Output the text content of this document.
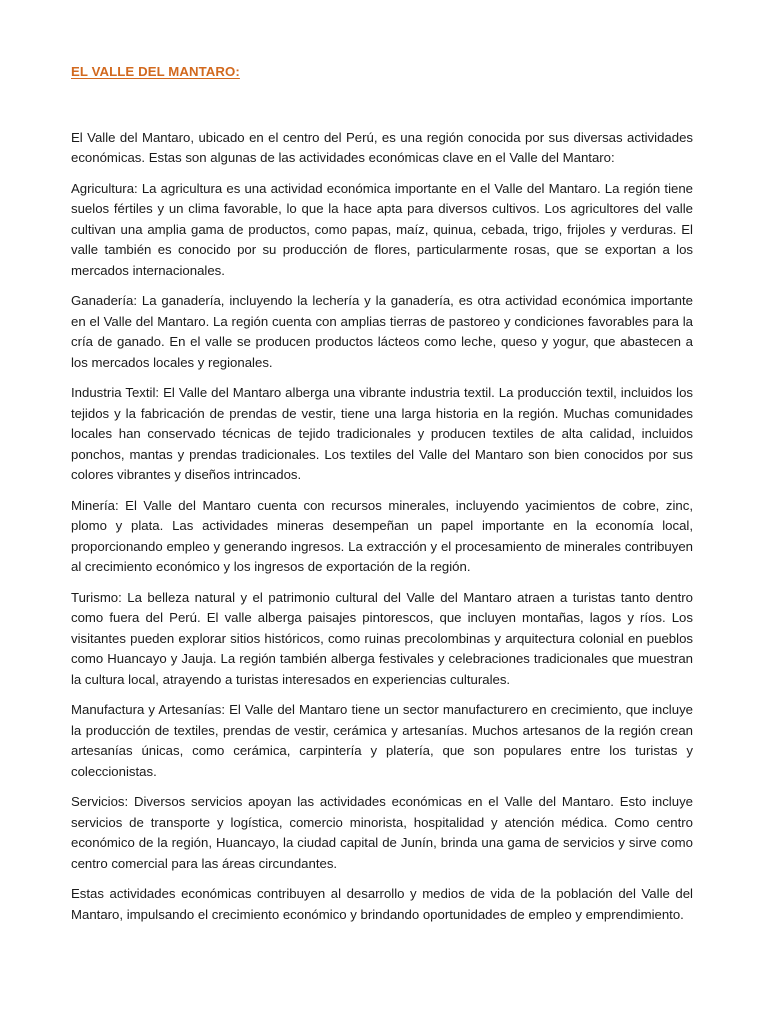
EL VALLE DEL MANTARO:

El Valle del Mantaro, ubicado en el centro del Perú, es una región conocida por sus diversas actividades económicas. Estas son algunas de las actividades económicas clave en el Valle del Mantaro:

Agricultura: La agricultura es una actividad económica importante en el Valle del Mantaro. La región tiene suelos fértiles y un clima favorable, lo que la hace apta para diversos cultivos. Los agricultores del valle cultivan una amplia gama de productos, como papas, maíz, quinua, cebada, trigo, frijoles y verduras. El valle también es conocido por su producción de flores, particularmente rosas, que se exportan a los mercados internacionales.

Ganadería: La ganadería, incluyendo la lechería y la ganadería, es otra actividad económica importante en el Valle del Mantaro. La región cuenta con amplias tierras de pastoreo y condiciones favorables para la cría de ganado. En el valle se producen productos lácteos como leche, queso y yogur, que abastecen a los mercados locales y regionales.

Industria Textil: El Valle del Mantaro alberga una vibrante industria textil. La producción textil, incluidos los tejidos y la fabricación de prendas de vestir, tiene una larga historia en la región. Muchas comunidades locales han conservado técnicas de tejido tradicionales y producen textiles de alta calidad, incluidos ponchos, mantas y prendas tradicionales. Los textiles del Valle del Mantaro son bien conocidos por sus colores vibrantes y diseños intrincados.

Minería: El Valle del Mantaro cuenta con recursos minerales, incluyendo yacimientos de cobre, zinc, plomo y plata. Las actividades mineras desempeñan un papel importante en la economía local, proporcionando empleo y generando ingresos. La extracción y el procesamiento de minerales contribuyen al crecimiento económico y los ingresos de exportación de la región.

Turismo: La belleza natural y el patrimonio cultural del Valle del Mantaro atraen a turistas tanto dentro como fuera del Perú. El valle alberga paisajes pintorescos, que incluyen montañas, lagos y ríos. Los visitantes pueden explorar sitios históricos, como ruinas precolombinas y arquitectura colonial en pueblos como Huancayo y Jauja. La región también alberga festivales y celebraciones tradicionales que muestran la cultura local, atrayendo a turistas interesados en experiencias culturales.

Manufactura y Artesanías: El Valle del Mantaro tiene un sector manufacturero en crecimiento, que incluye la producción de textiles, prendas de vestir, cerámica y artesanías. Muchos artesanos de la región crean artesanías únicas, como cerámica, carpintería y platería, que son populares entre los turistas y coleccionistas.

Servicios: Diversos servicios apoyan las actividades económicas en el Valle del Mantaro. Esto incluye servicios de transporte y logística, comercio minorista, hospitalidad y atención médica. Como centro económico de la región, Huancayo, la ciudad capital de Junín, brinda una gama de servicios y sirve como centro comercial para las áreas circundantes.

Estas actividades económicas contribuyen al desarrollo y medios de vida de la población del Valle del Mantaro, impulsando el crecimiento económico y brindando oportunidades de empleo y emprendimiento.
